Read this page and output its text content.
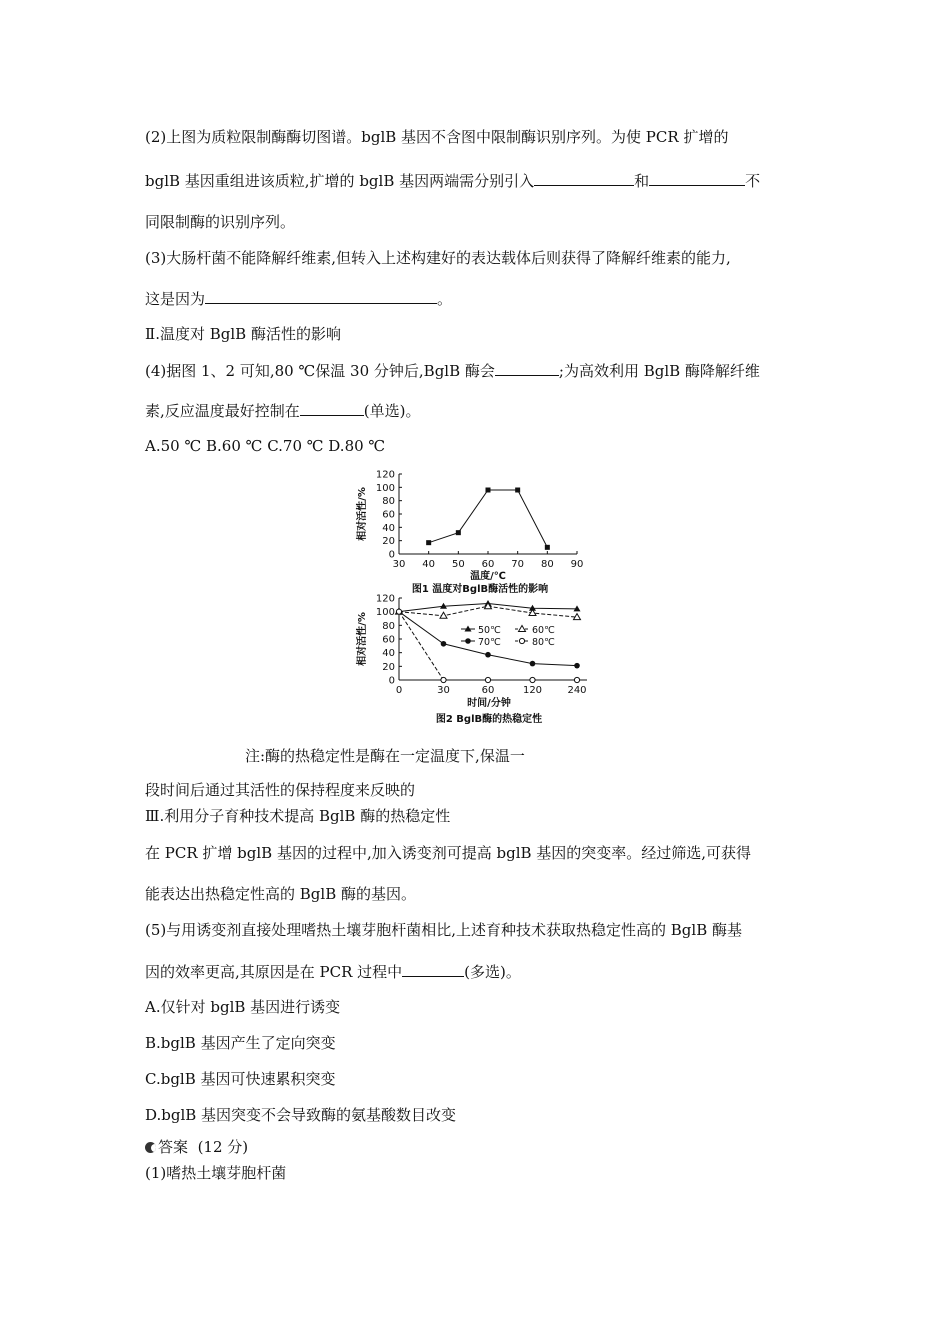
(2)上图为质粒限制酶酶切图谱。bglB 基因不含图中限制酶识别序列。为使 PCR 扩增的
bglB 基因重组进该质粒,扩增的 bglB 基因两端需分别引入	和	不
同限制酶的识别序列。
(3)大肠杆菌不能降解纤维素,但转入上述构建好的表达载体后则获得了降解纤维素的能力,
这是因为	。
Ⅱ.温度对 BglB 酶活性的影响
(4)据图 1、2 可知,80 ℃保温 30 分钟后,BglB 酶会	;为高效利用 BglB 酶降解纤维
素,反应温度最好控制在	(单选)。
A.50 ℃ B.60 ℃ C.70 ℃ D.80 ℃
0
20
40
60
80
100
120
30 40 50 60 70 80 90
温度/℃
相对活性/%
图1 温度对BglB酶活性的影响
0
20
40
60
80
100
120
0	30	60	120	240
50℃	60℃
70℃	80℃
时间/分钟
相对活性/%
图2 BglB酶的热稳定性
注:酶的热稳定性是酶在一定温度下,保温一
段时间后通过其活性的保持程度来反映的
Ⅲ.利用分子育种技术提高 BglB 酶的热稳定性
在 PCR 扩增 bglB 基因的过程中,加入诱变剂可提高 bglB 基因的突变率。经过筛选,可获得
能表达出热稳定性高的 BglB 酶的基因。
(5)与用诱变剂直接处理嗜热土壤芽胞杆菌相比,上述育种技术获取热稳定性高的 BglB 酶基
因的效率更高,其原因是在 PCR 过程中	(多选)。
A.仅针对 bglB 基因进行诱变
B.bglB 基因产生了定向突变
C.bglB 基因可快速累积突变
D.bglB 基因突变不会导致酶的氨基酸数目改变
答案 (12 分)
(1)嗜热土壤芽胞杆菌
